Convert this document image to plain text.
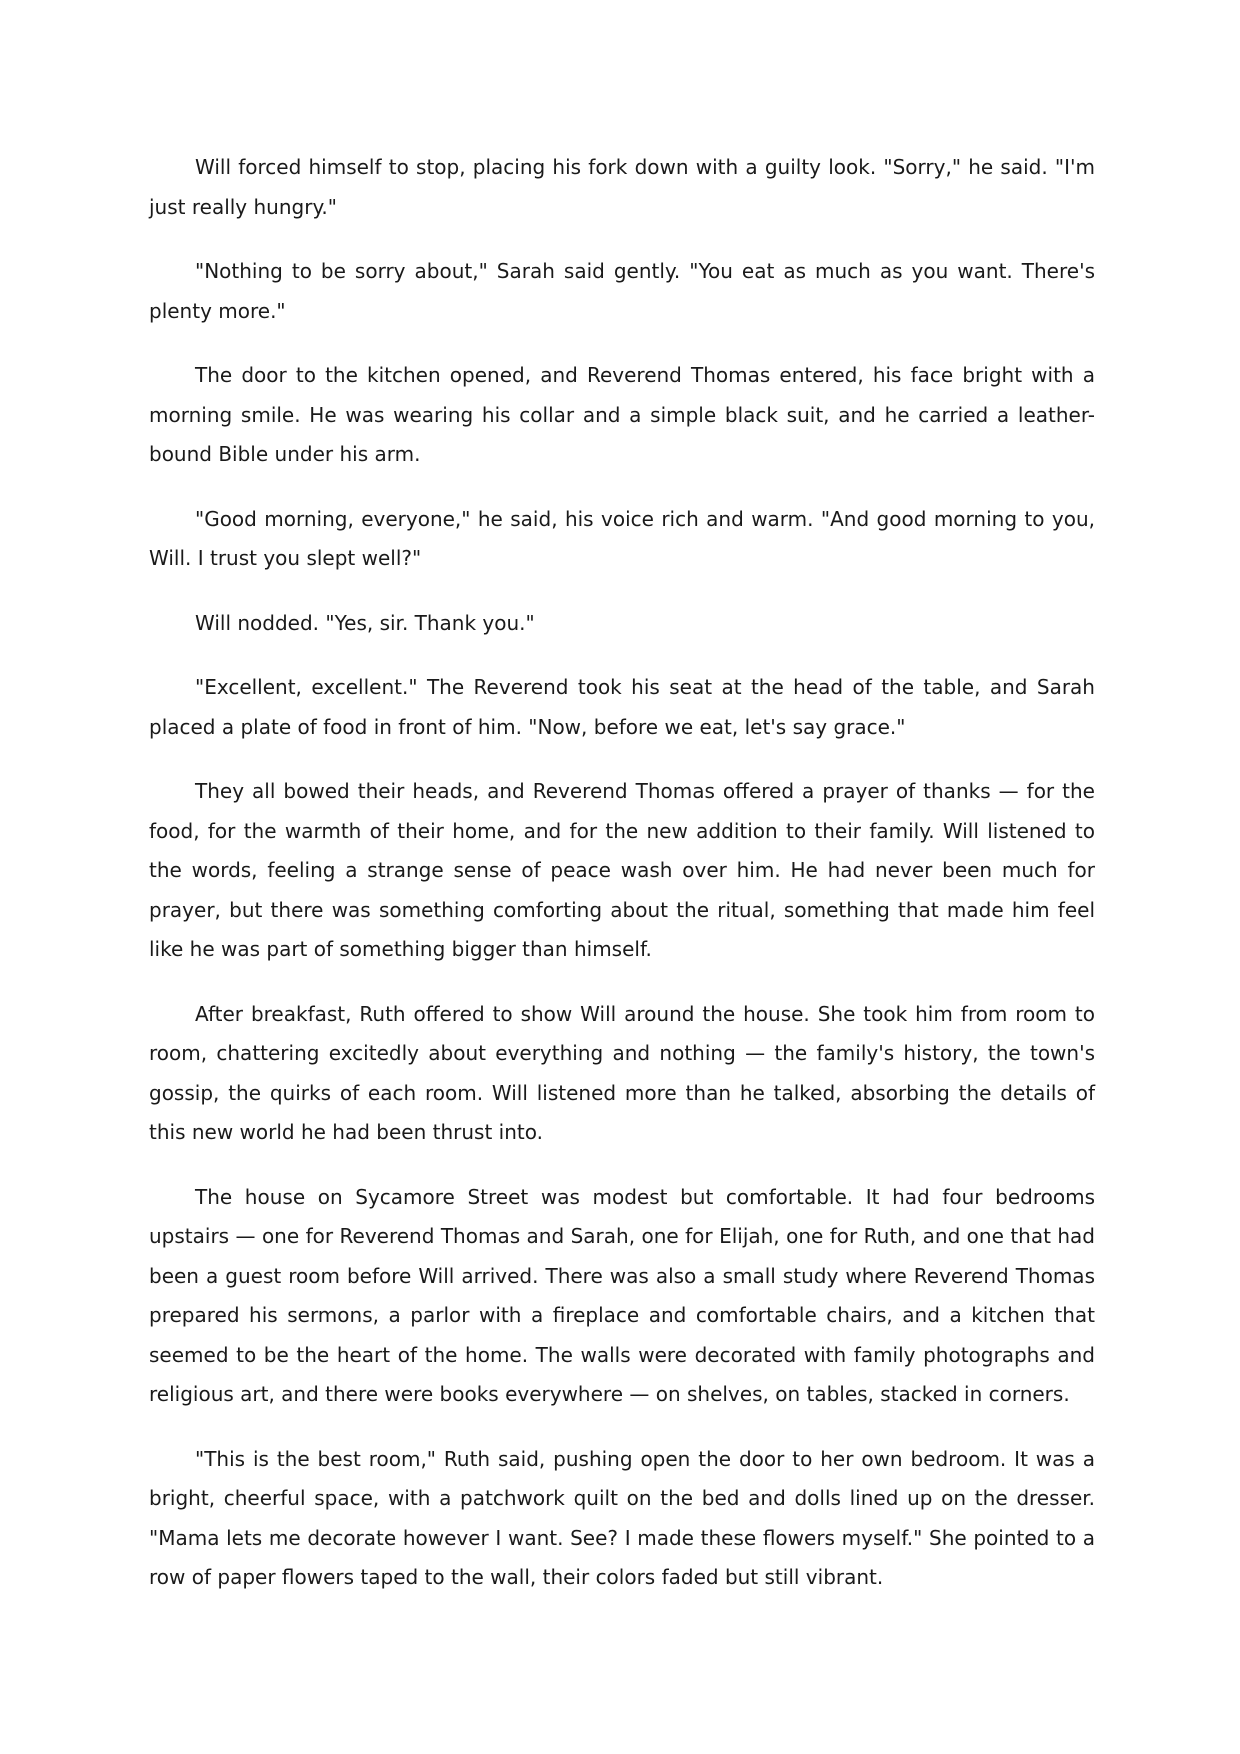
Will forced himself to stop, placing his fork down with a guilty look. "Sorry," he said. "I'm just really hungry."

"Nothing to be sorry about," Sarah said gently. "You eat as much as you want. There's plenty more."

The door to the kitchen opened, and Reverend Thomas entered, his face bright with a morning smile. He was wearing his collar and a simple black suit, and he carried a leather-bound Bible under his arm.

"Good morning, everyone," he said, his voice rich and warm. "And good morning to you, Will. I trust you slept well?"

Will nodded. "Yes, sir. Thank you."

"Excellent, excellent." The Reverend took his seat at the head of the table, and Sarah placed a plate of food in front of him. "Now, before we eat, let's say grace."

They all bowed their heads, and Reverend Thomas offered a prayer of thanks — for the food, for the warmth of their home, and for the new addition to their family. Will listened to the words, feeling a strange sense of peace wash over him. He had never been much for prayer, but there was something comforting about the ritual, something that made him feel like he was part of something bigger than himself.

After breakfast, Ruth offered to show Will around the house. She took him from room to room, chattering excitedly about everything and nothing — the family's history, the town's gossip, the quirks of each room. Will listened more than he talked, absorbing the details of this new world he had been thrust into.

The house on Sycamore Street was modest but comfortable. It had four bedrooms upstairs — one for Reverend Thomas and Sarah, one for Elijah, one for Ruth, and one that had been a guest room before Will arrived. There was also a small study where Reverend Thomas prepared his sermons, a parlor with a fireplace and comfortable chairs, and a kitchen that seemed to be the heart of the home. The walls were decorated with family photographs and religious art, and there were books everywhere — on shelves, on tables, stacked in corners.

"This is the best room," Ruth said, pushing open the door to her own bedroom. It was a bright, cheerful space, with a patchwork quilt on the bed and dolls lined up on the dresser. "Mama lets me decorate however I want. See? I made these flowers myself." She pointed to a row of paper flowers taped to the wall, their colors faded but still vibrant.
